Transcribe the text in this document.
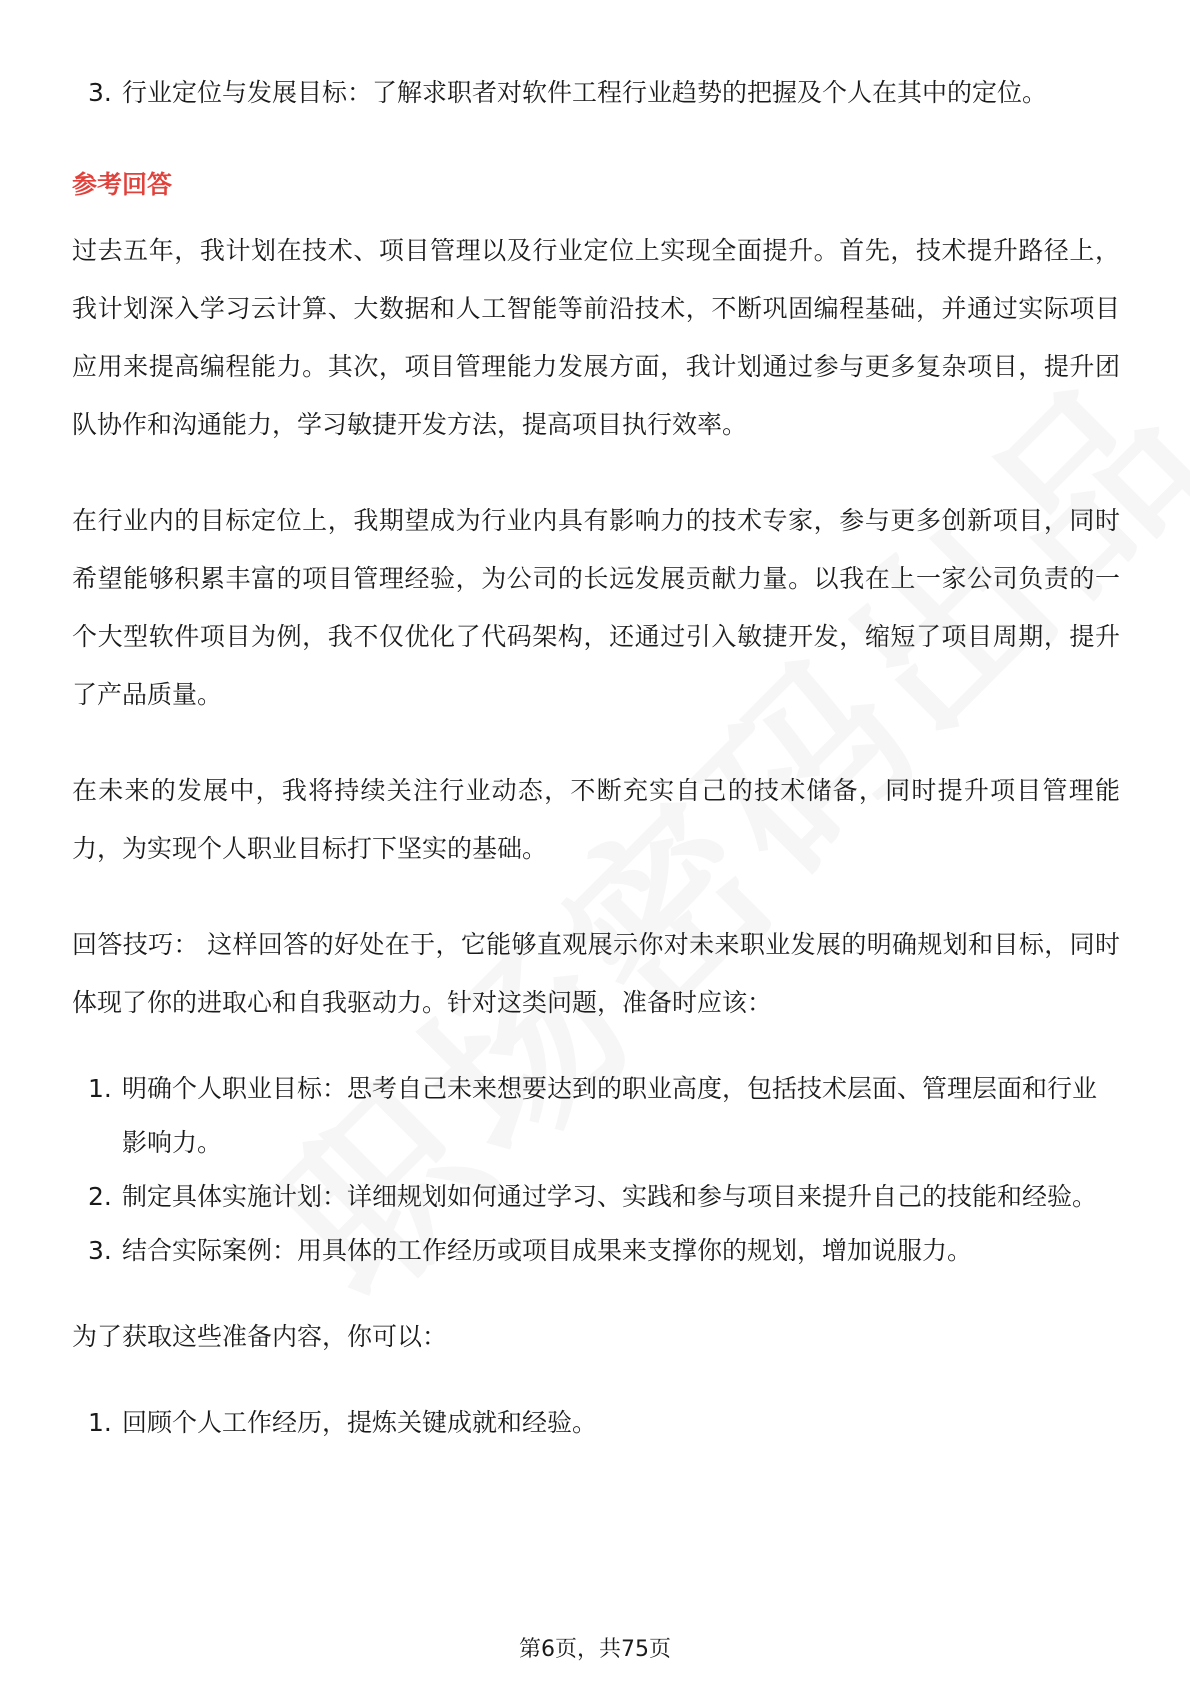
3. 行业定位与发展目标：了解求职者对软件工程行业趋势的把握及个人在其中的定位。
参考回答

过去五年，我计划在技术、项目管理以及行业定位上实现全面提升。首先，技术提升路径上，我计划深入学习云计算、大数据和人工智能等前沿技术，不断巩固编程基础，并通过实际项目应用来提高编程能力。其次，项目管理能力发展方面，我计划通过参与更多复杂项目，提升团队协作和沟通能力，学习敏捷开发方法，提高项目执行效率。

在行业内的目标定位上，我期望成为行业内具有影响力的技术专家，参与更多创新项目，同时希望能够积累丰富的项目管理经验，为公司的长远发展贡献力量。以我在上一家公司负责的一个大型软件项目为例，我不仅优化了代码架构，还通过引入敏捷开发，缩短了项目周期，提升了产品质量。

在未来的发展中，我将持续关注行业动态，不断充实自己的技术储备，同时提升项目管理能力，为实现个人职业目标打下坚实的基础。

回答技巧： 这样回答的好处在于，它能够直观展示你对未来职业发展的明确规划和目标，同时体现了你的进取心和自我驱动力。针对这类问题，准备时应该：

1. 明确个人职业目标：思考自己未来想要达到的职业高度，包括技术层面、管理层面和行业影响力。
2. 制定具体实施计划：详细规划如何通过学习、实践和参与项目来提升自己的技能和经验。
3. 结合实际案例：用具体的工作经历或项目成果来支撑你的规划，增加说服力。

为了获取这些准备内容，你可以：

1. 回顾个人工作经历，提炼关键成就和经验。
第6页，共75页
